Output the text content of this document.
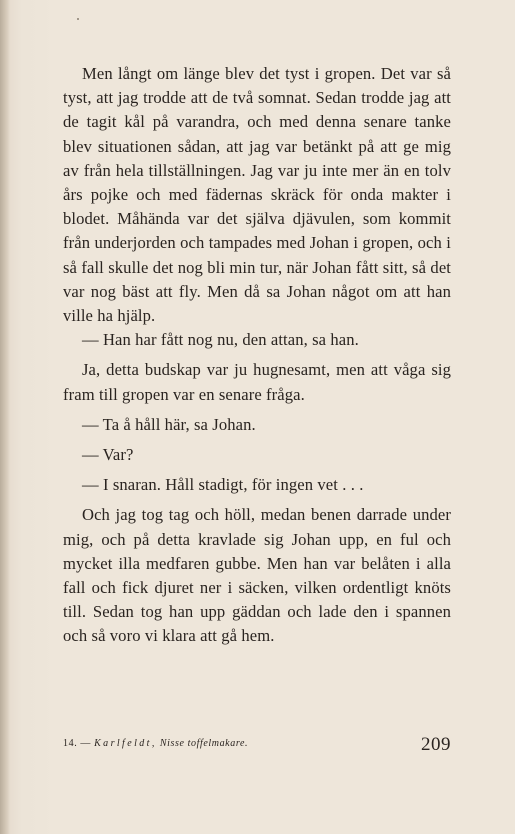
Men långt om länge blev det tyst i gropen. Det var så tyst, att jag trodde att de två somnat. Sedan trodde jag att de tagit kål på varandra, och med denna senare tanke blev situationen sådan, att jag var betänkt på att ge mig av från hela tillställningen. Jag var ju inte mer än en tolv års pojke och med fädernas skräck för onda makter i blodet. Måhända var det själva djävulen, som kommit från underjorden och tampades med Johan i gropen, och i så fall skulle det nog bli min tur, när Johan fått sitt, så det var nog bäst att fly. Men då sa Johan något om att han ville ha hjälp.

— Han har fått nog nu, den attan, sa han.

Ja, detta budskap var ju hugnesamt, men att våga sig fram till gropen var en senare fråga.

— Ta å håll här, sa Johan.

— Var?

— I snaran. Håll stadigt, för ingen vet . . .

Och jag tog tag och höll, medan benen darrade under mig, och på detta kravlade sig Johan upp, en ful och mycket illa medfaren gubbe. Men han var belåten i alla fall och fick djuret ner i säcken, vilken ordentligt knöts till. Sedan tog han upp gäddan och lade den i spannen och så voro vi klara att gå hem.

14. — Karlfeldt, Nisse toffelmakare.	209
